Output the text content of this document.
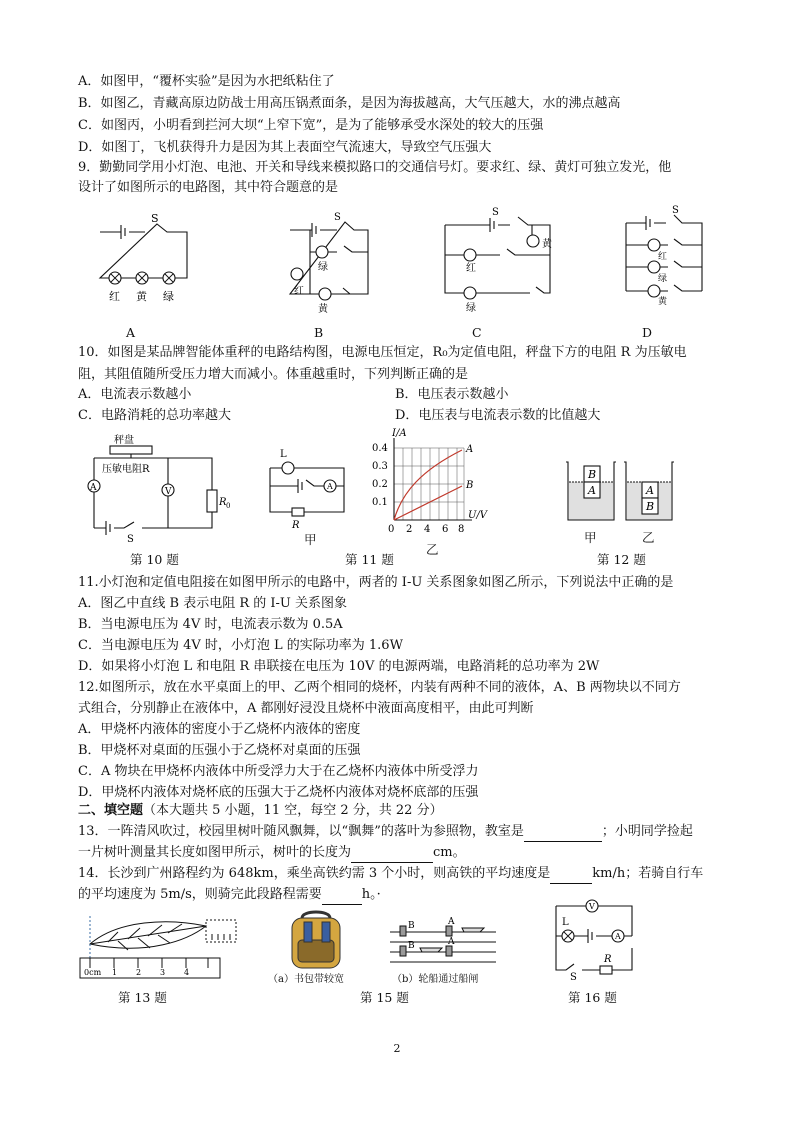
A．如图甲，“覆杯实验”是因为水把纸粘住了
B．如图乙，青藏高原边防战士用高压锅煮面条，是因为海拔越高，大气压越大，水的沸点越高
C．如图丙，小明看到拦河大坝“上窄下宽”，是为了能够承受水深处的较大的压强
D．如图丁，飞机获得升力是因为其上表面空气流速大，导致空气压强大
9．勤勤同学用小灯泡、电池、开关和导线来模拟路口的交通信号灯。要求红、绿、黄灯可独立发光，他
设计了如图所示的电路图，其中符合题意的是
S
红 黄 绿
A
S
红
绿
黄
B
S
黄
红
绿
C
S
红
绿
黄
D
10．如图是某品牌智能体重秤的电路结构图，电源电压恒定，R₀为定值电阻，秤盘下方的电阻 R 为压敏电
阻，其阻值随所受压力增大而减小。体重越重时，下列判断正确的是
A．电流表示数越小	B．电压表示数越小
C．电路消耗的总功率越大	D．电压表与电流表示数的比值越大
秤盘
压敏电阻R
A	V
R 0
S
第 10 题
L
A
R
甲
I/A
0.4
0.3
0.2
0.1
0 2 4 6 8
U/V
A
B
乙
第 11 题
B
A	A
B
甲	乙
第 12 题
11.小灯泡和定值电阻接在如图甲所示的电路中，两者的 I-U 关系图象如图乙所示，下列说法中正确的是
A．图乙中直线 B 表示电阻 R 的 I-U 关系图象
B．当电源电压为 4V 时，电流表示数为 0.5A
C．当电源电压为 4V 时，小灯泡 L 的实际功率为 1.6W
D．如果将小灯泡 L 和电阻 R 串联接在电压为 10V 的电源两端，电路消耗的总功率为 2W
12.如图所示，放在水平桌面上的甲、乙两个相同的烧杯，内装有两种不同的液体，A、B 两物块以不同方
式组合，分别静止在液体中，A 都刚好浸没且烧杯中液面高度相平，由此可判断
A．甲烧杯内液体的密度小于乙烧杯内液体的密度
B．甲烧杯对桌面的压强小于乙烧杯对桌面的压强
C．A 物块在甲烧杯内液体中所受浮力大于在乙烧杯内液体中所受浮力
D．甲烧杯内液体对烧杯底的压强大于乙烧杯内液体对烧杯底部的压强
二、填空题（本大题共 5 小题，11 空，每空 2 分，共 22 分）
13．一阵清风吹过，校园里树叶随风飘舞，以“飘舞”的落叶为参照物，教室是	；小明同学捡起
一片树叶测量其长度如图甲所示，树叶的长度为	cm。
14．长沙到广州路程约为 648km，乘坐高铁约需 3 个小时，则高铁的平均速度是	km/h；若骑自行车
的平均速度为 5m/s，则骑完此段路程需要	h。·
0cm 1 2 3 4
第 13 题
（a）书包带较宽
B	A
B	A
（b）轮船通过船闸
第 15 题
V
A
L
S
R
第 16 题
2
